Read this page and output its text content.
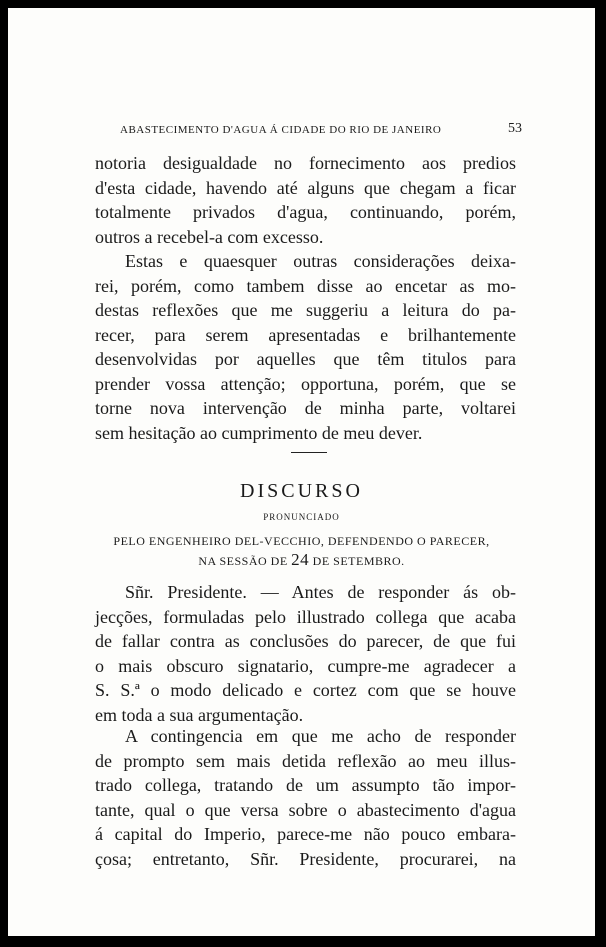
ABASTECIMENTO D'AGUA Á CIDADE DO RIO DE JANEIRO	53
notoria desigualdade no fornecimento aos predios
d'esta cidade, havendo até alguns que chegam a ficar
totalmente privados d'agua, continuando, porém,
outros a recebel-a com excesso.
Estas e quaesquer outras considerações deixa-
rei, porém, como tambem disse ao encetar as mo-
destas reflexões que me suggeriu a leitura do pa-
recer, para serem apresentadas e brilhantemente
desenvolvidas por aquelles que têm titulos para
prender vossa attenção; opportuna, porém, que se
torne nova intervenção de minha parte, voltarei
sem hesitação ao cumprimento de meu dever.
DISCURSO
PRONUNCIADO
PELO ENGENHEIRO DEL-VECCHIO, DEFENDENDO O PARECER,
NA SESSÃO DE 24 DE SETEMBRO.
Sñr. Presidente. — Antes de responder ás ob-
jecções, formuladas pelo illustrado collega que acaba
de fallar contra as conclusões do parecer, de que fui
o mais obscuro signatario, cumpre-me agradecer a
S. S.ª o modo delicado e cortez com que se houve
em toda a sua argumentação.
A contingencia em que me acho de responder
de prompto sem mais detida reflexão ao meu illus-
trado collega, tratando de um assumpto tão impor-
tante, qual o que versa sobre o abastecimento d'agua
á capital do Imperio, parece-me não pouco embara-
çosa; entretanto, Sñr. Presidente, procurarei, na
